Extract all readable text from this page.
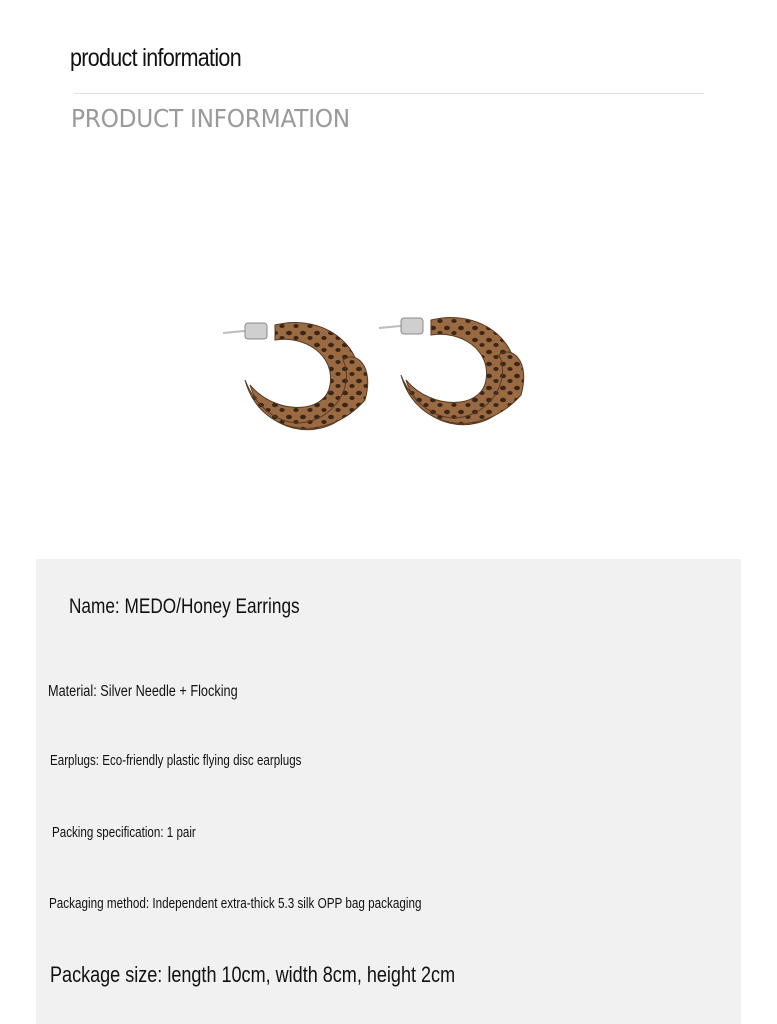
product information
PRODUCT INFORMATION
Name: MEDO/Honey Earrings
Material: Silver Needle + Flocking
Earplugs: Eco-friendly plastic flying disc earplugs
Packing specification: 1 pair
Packaging method: Independent extra-thick 5.3 silk OPP bag packaging
Package size: length 10cm, width 8cm, height 2cm
